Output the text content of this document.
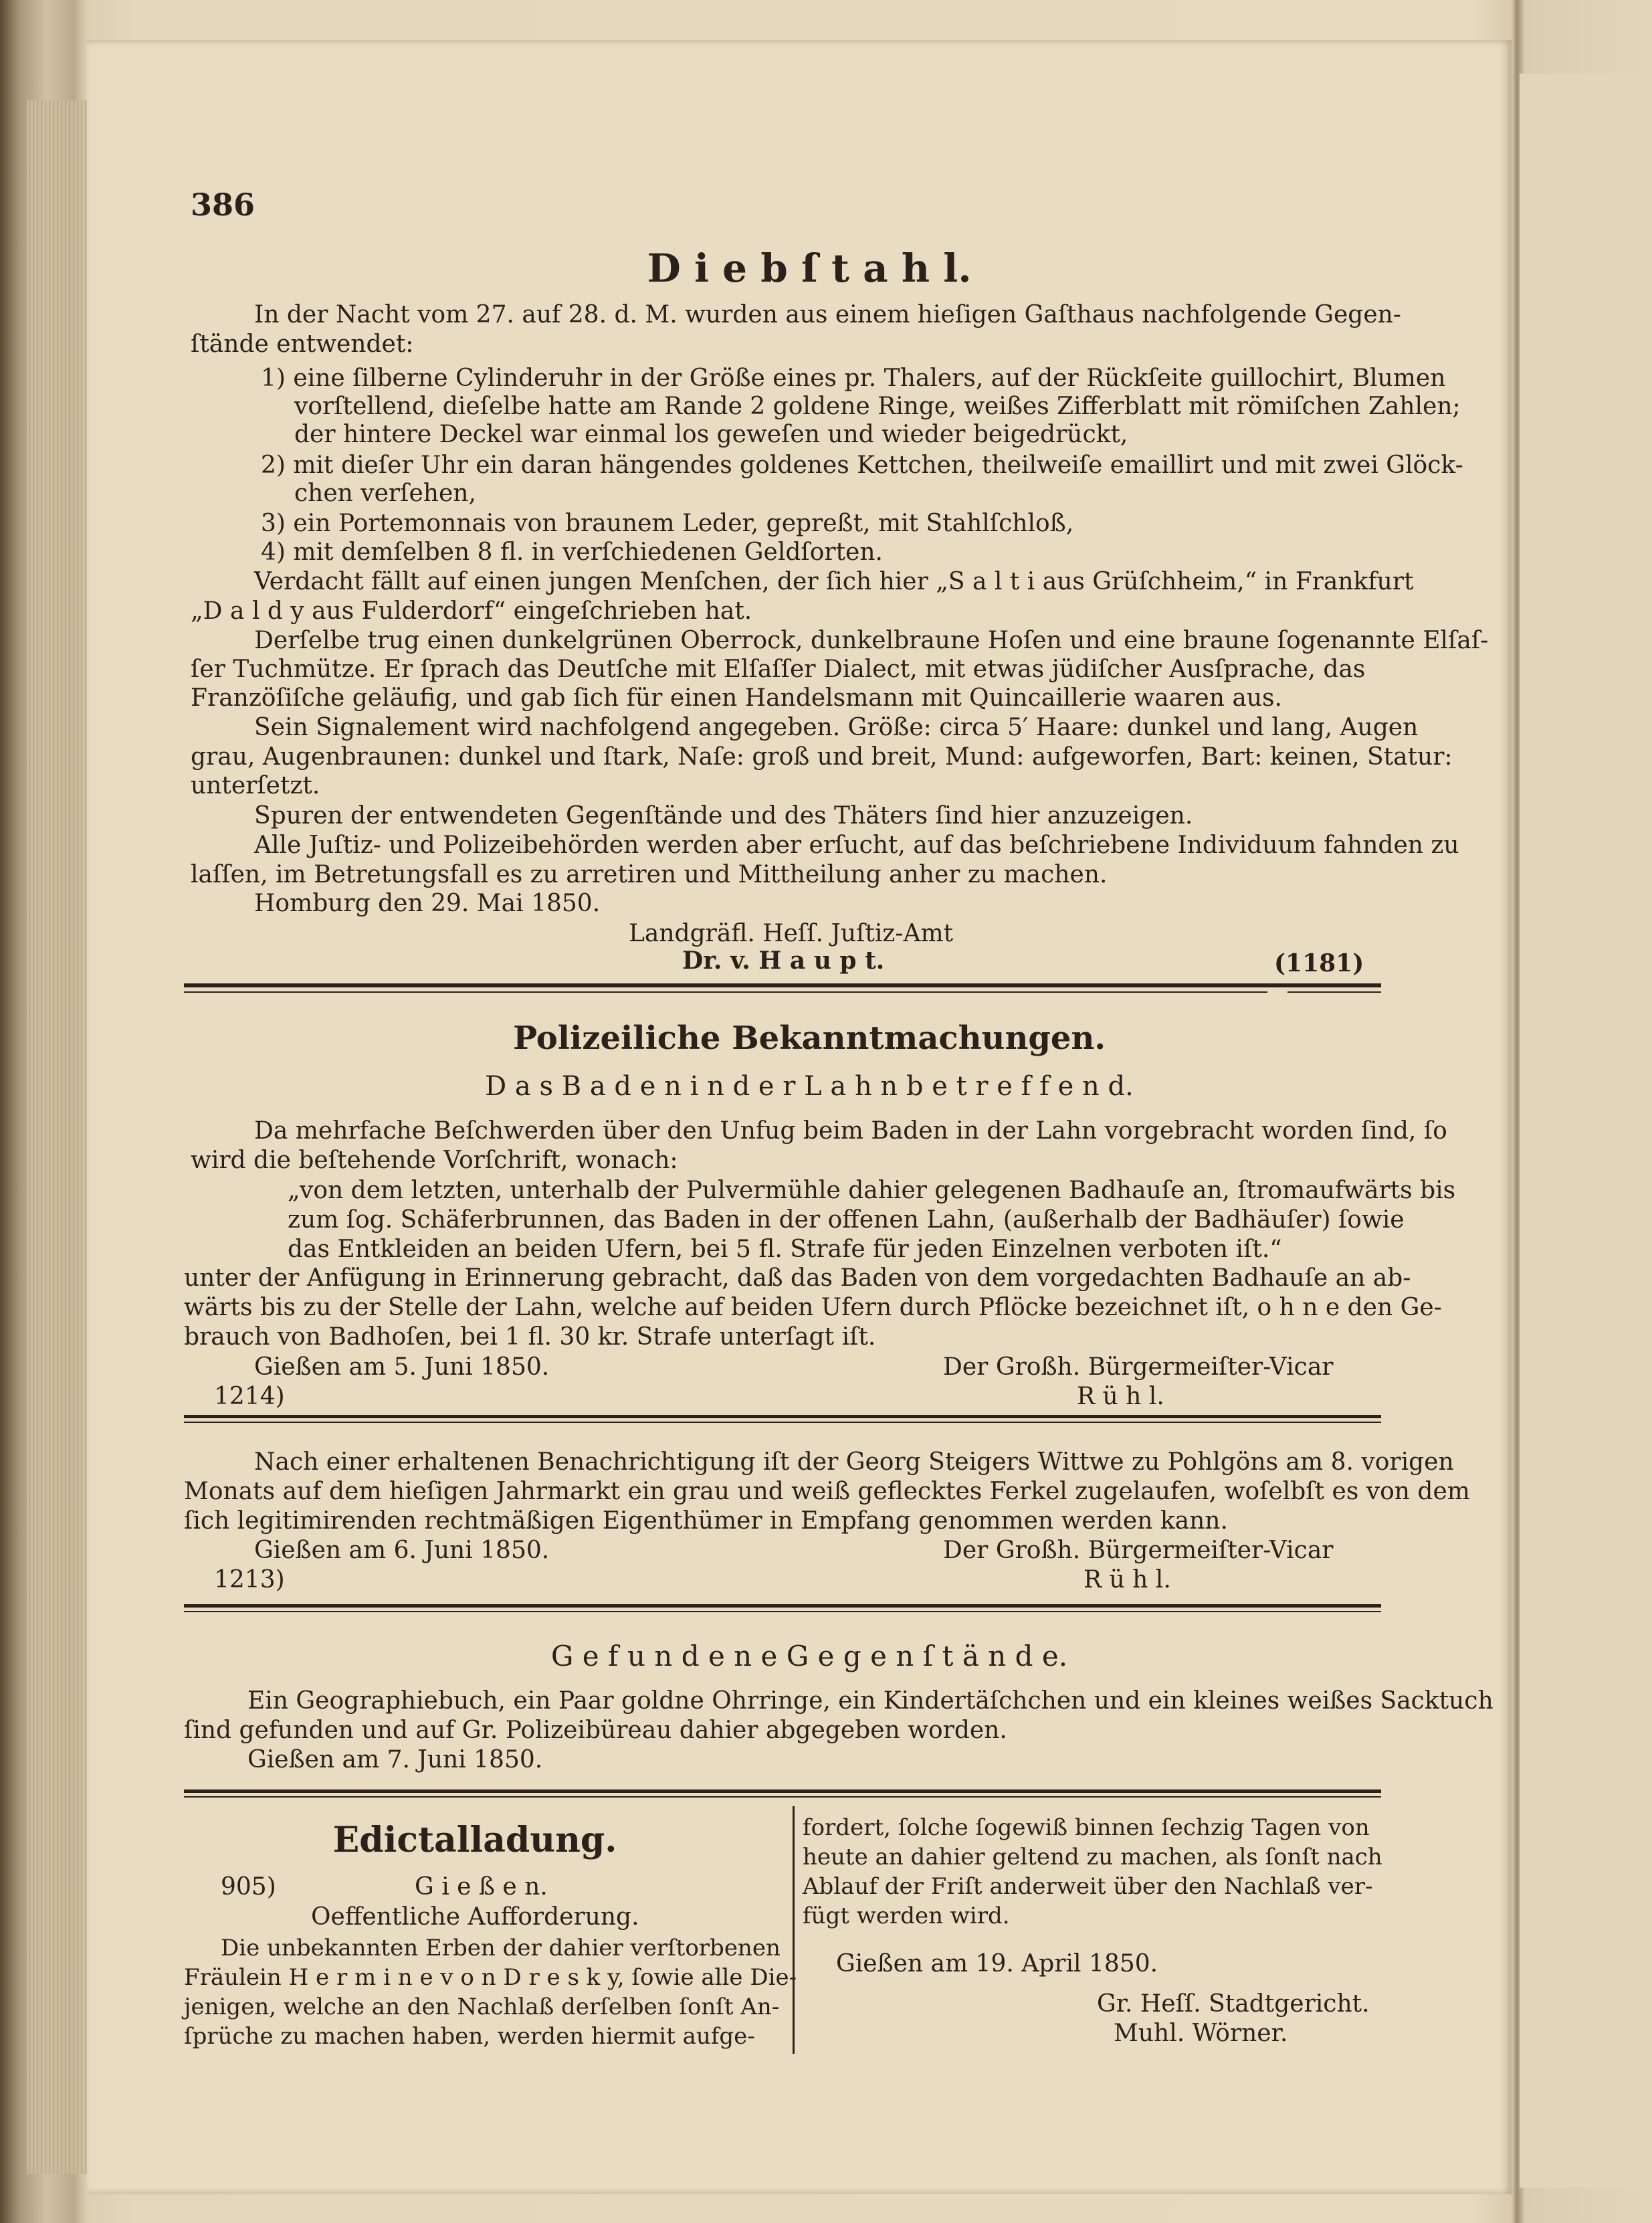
386
D i e b ſ t a h l.
In der Nacht vom 27. auf 28. d. M. wurden aus einem hieſigen Gaſthaus nachfolgende Gegen-
ſtände entwendet:
1) eine ſilberne Cylinderuhr in der Größe eines pr. Thalers, auf der Rückſeite guillochirt, Blumen
vorſtellend, dieſelbe hatte am Rande 2 goldene Ringe, weißes Zifferblatt mit römiſchen Zahlen;
der hintere Deckel war einmal los geweſen und wieder beigedrückt,
2) mit dieſer Uhr ein daran hängendes goldenes Kettchen, theilweiſe emaillirt und mit zwei Glöck-
chen verſehen,
3) ein Portemonnais von braunem Leder, gepreßt, mit Stahlſchloß,
4) mit demſelben 8 fl. in verſchiedenen Geldſorten.
Verdacht fällt auf einen jungen Menſchen, der ſich hier „S a l t i aus Grüſchheim,“ in Frankfurt
„D a l d y aus Fulderdorf“ eingeſchrieben hat.
Derſelbe trug einen dunkelgrünen Oberrock, dunkelbraune Hoſen und eine braune ſogenannte Elſaſ-
ſer Tuchmütze. Er ſprach das Deutſche mit Elſaſſer Dialect, mit etwas jüdiſcher Ausſprache, das
Franzöſiſche geläufig, und gab ſich für einen Handelsmann mit Quincaillerie waaren aus.
Sein Signalement wird nachfolgend angegeben. Größe: circa 5′ Haare: dunkel und lang, Augen
grau, Augenbraunen: dunkel und ſtark, Naſe: groß und breit, Mund: aufgeworfen, Bart: keinen, Statur:
unterſetzt.
Spuren der entwendeten Gegenſtände und des Thäters ſind hier anzuzeigen.
Alle Juſtiz- und Polizeibehörden werden aber erſucht, auf das beſchriebene Individuum fahnden zu
laſſen, im Betretungsfall es zu arretiren und Mittheilung anher zu machen.
Homburg den 29. Mai 1850.
Landgräfl. Heſſ. Juſtiz-Amt
Dr. v. H a u p t.	(1181)
Polizeiliche Bekanntmachungen.
D a s B a d e n i n d e r L a h n b e t r e f f e n d.
Da mehrfache Beſchwerden über den Unfug beim Baden in der Lahn vorgebracht worden ſind, ſo
wird die beſtehende Vorſchrift, wonach:
„von dem letzten, unterhalb der Pulvermühle dahier gelegenen Badhauſe an, ſtromaufwärts bis
zum ſog. Schäferbrunnen, das Baden in der offenen Lahn, (außerhalb der Badhäuſer) ſowie
das Entkleiden an beiden Ufern, bei 5 fl. Strafe für jeden Einzelnen verboten iſt.“
unter der Anfügung in Erinnerung gebracht, daß das Baden von dem vorgedachten Badhauſe an ab-
wärts bis zu der Stelle der Lahn, welche auf beiden Ufern durch Pflöcke bezeichnet iſt, o h n e den Ge-
brauch von Badhoſen, bei 1 fl. 30 kr. Strafe unterſagt iſt.
Gießen am 5. Juni 1850.	Der Großh. Bürgermeiſter-Vicar
1214)	R ü h l.
Nach einer erhaltenen Benachrichtigung iſt der Georg Steigers Wittwe zu Pohlgöns am 8. vorigen
Monats auf dem hieſigen Jahrmarkt ein grau und weiß geflecktes Ferkel zugelaufen, woſelbſt es von dem
ſich legitimirenden rechtmäßigen Eigenthümer in Empfang genommen werden kann.
Gießen am 6. Juni 1850.	Der Großh. Bürgermeiſter-Vicar
1213)	R ü h l.
G e f u n d e n e G e g e n ſ t ä n d e.
Ein Geographiebuch, ein Paar goldne Ohrringe, ein Kindertäſchchen und ein kleines weißes Sacktuch
ſind gefunden und auf Gr. Polizeibüreau dahier abgegeben worden.
Gießen am 7. Juni 1850.
Edictalladung.
905)	G i e ß e n.
Oeffentliche Aufforderung.
Die unbekannten Erben der dahier verſtorbenen
Fräulein H e r m i n e v o n D r e s k y, ſowie alle Die-
jenigen, welche an den Nachlaß derſelben ſonſt An-
ſprüche zu machen haben, werden hiermit aufge-
fordert, ſolche ſogewiß binnen ſechzig Tagen von
heute an dahier geltend zu machen, als ſonſt nach
Ablauf der Friſt anderweit über den Nachlaß ver-
fügt werden wird.
Gießen am 19. April 1850.
Gr. Heſſ. Stadtgericht.
Muhl. Wörner.
